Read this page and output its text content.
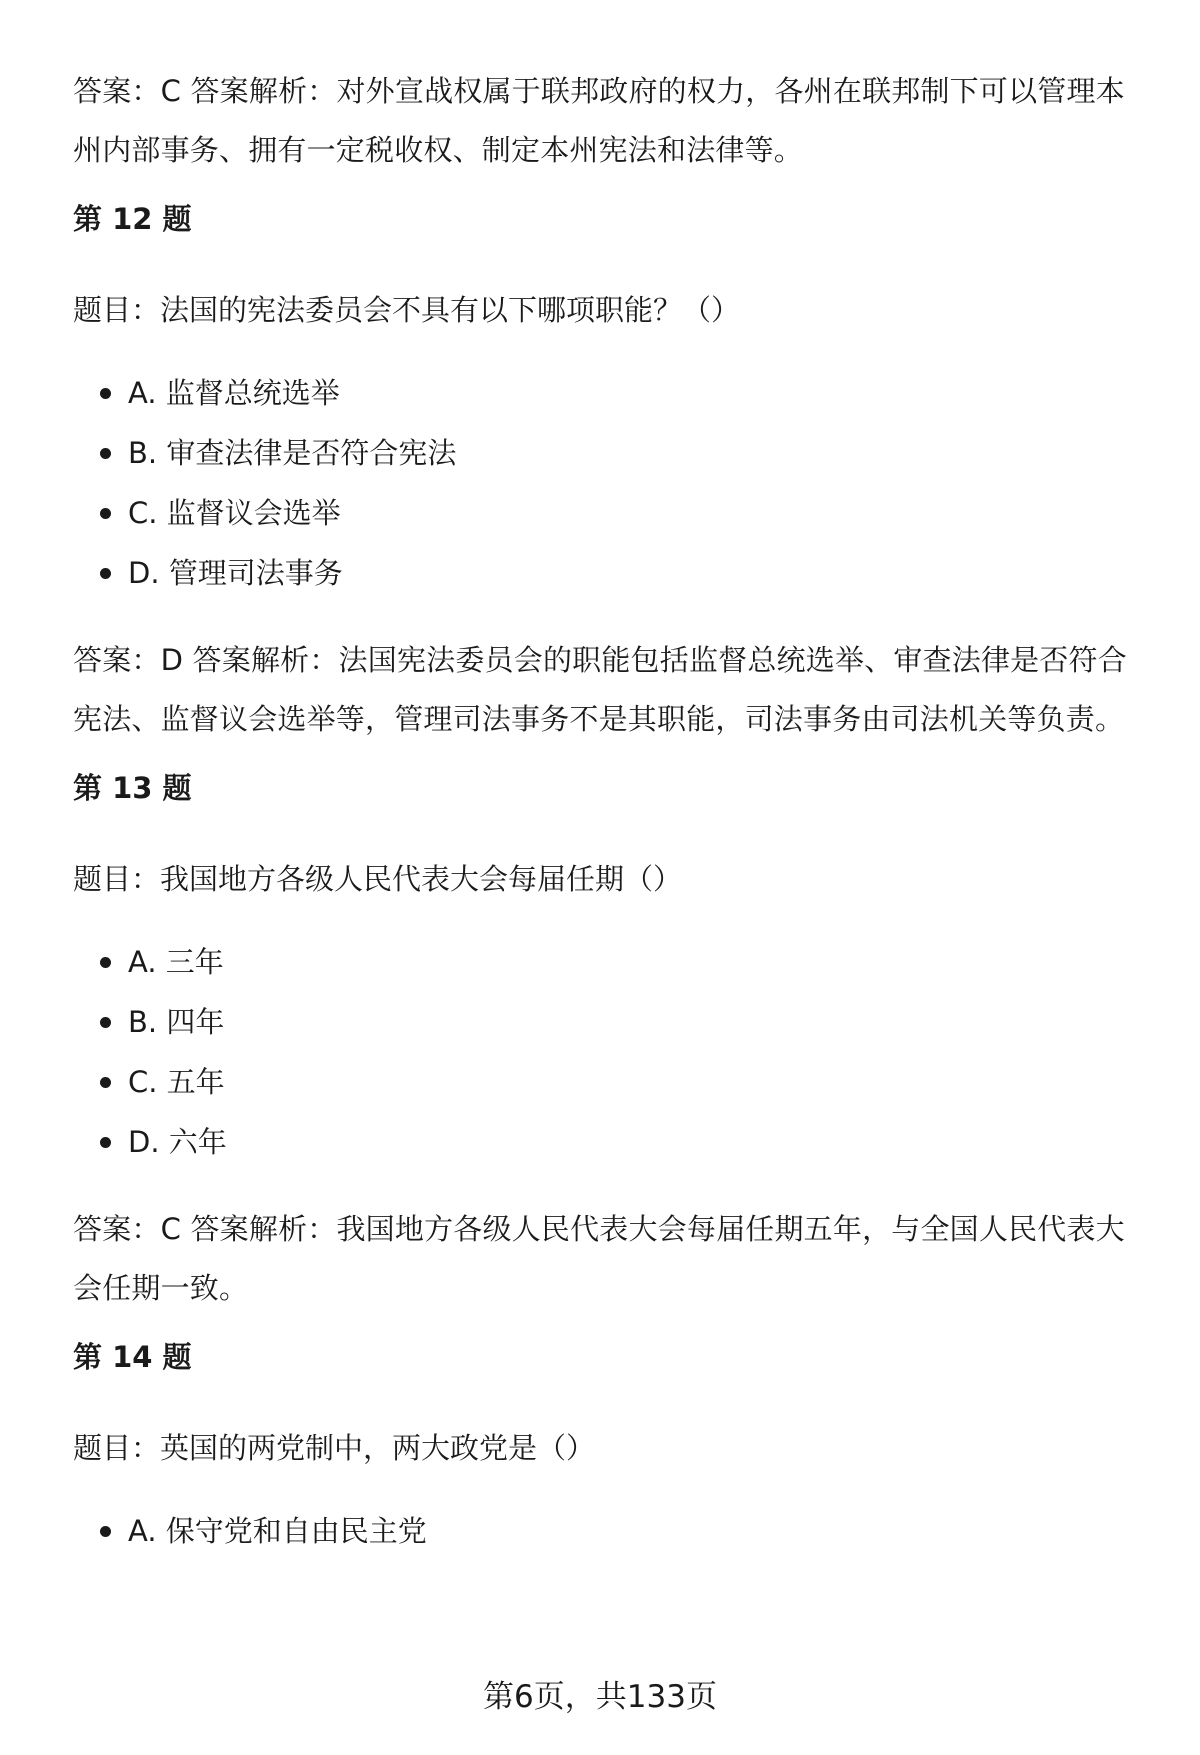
答案：C 答案解析：对外宣战权属于联邦政府的权力，各州在联邦制下可以管理本州内部事务、拥有一定税收权、制定本州宪法和法律等。

第 12 题
题目：法国的宪法委员会不具有以下哪项职能？（）
A. 监督总统选举
B. 审查法律是否符合宪法
C. 监督议会选举
D. 管理司法事务

答案：D 答案解析：法国宪法委员会的职能包括监督总统选举、审查法律是否符合宪法、监督议会选举等，管理司法事务不是其职能，司法事务由司法机关等负责。

第 13 题
题目：我国地方各级人民代表大会每届任期（）
A. 三年
B. 四年
C. 五年
D. 六年

答案：C 答案解析：我国地方各级人民代表大会每届任期五年，与全国人民代表大会任期一致。

第 14 题
题目：英国的两党制中，两大政党是（）
A. 保守党和自由民主党
第6页，共133页
